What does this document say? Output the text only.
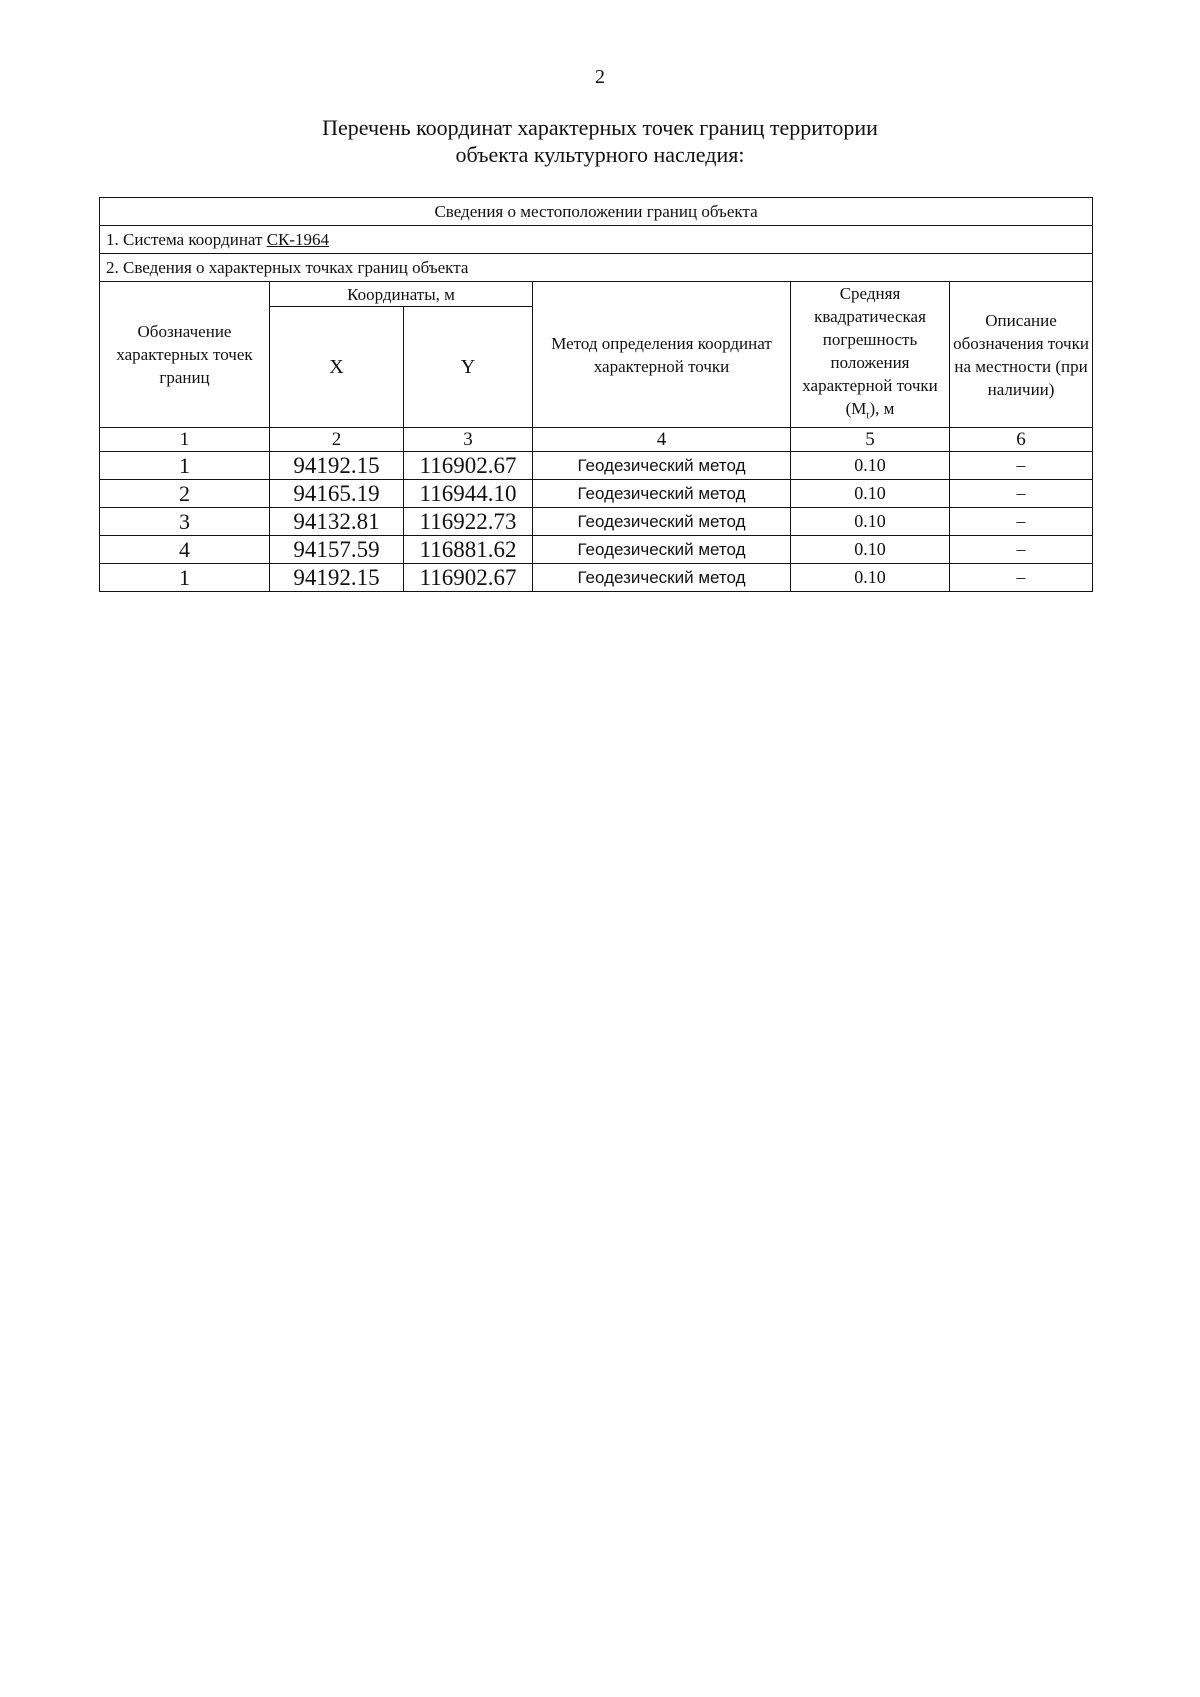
2
Перечень координат характерных точек границ территории
объекта культурного наследия:
Сведения о местоположении границ объекта					
1. Система координат СК-1964					
2. Сведения о характерных точках границ объекта					
Обозначение характерных точек границ	Координаты, м		Метод определения координат характерной точки	Средняя квадратическая погрешность положения характерной точки $(M_t)$, м	Описание обозначения точки на местности (при наличии)
	X	Y			
1	2	3	4	5	6
1	94192.15	116902.67	Геодезический метод	0.10	–
2	94165.19	116944.10	Геодезический метод	0.10	–
3	94132.81	116922.73	Геодезический метод	0.10	–
4	94157.59	116881.62	Геодезический метод	0.10	–
1	94192.15	116902.67	Геодезический метод	0.10	–
